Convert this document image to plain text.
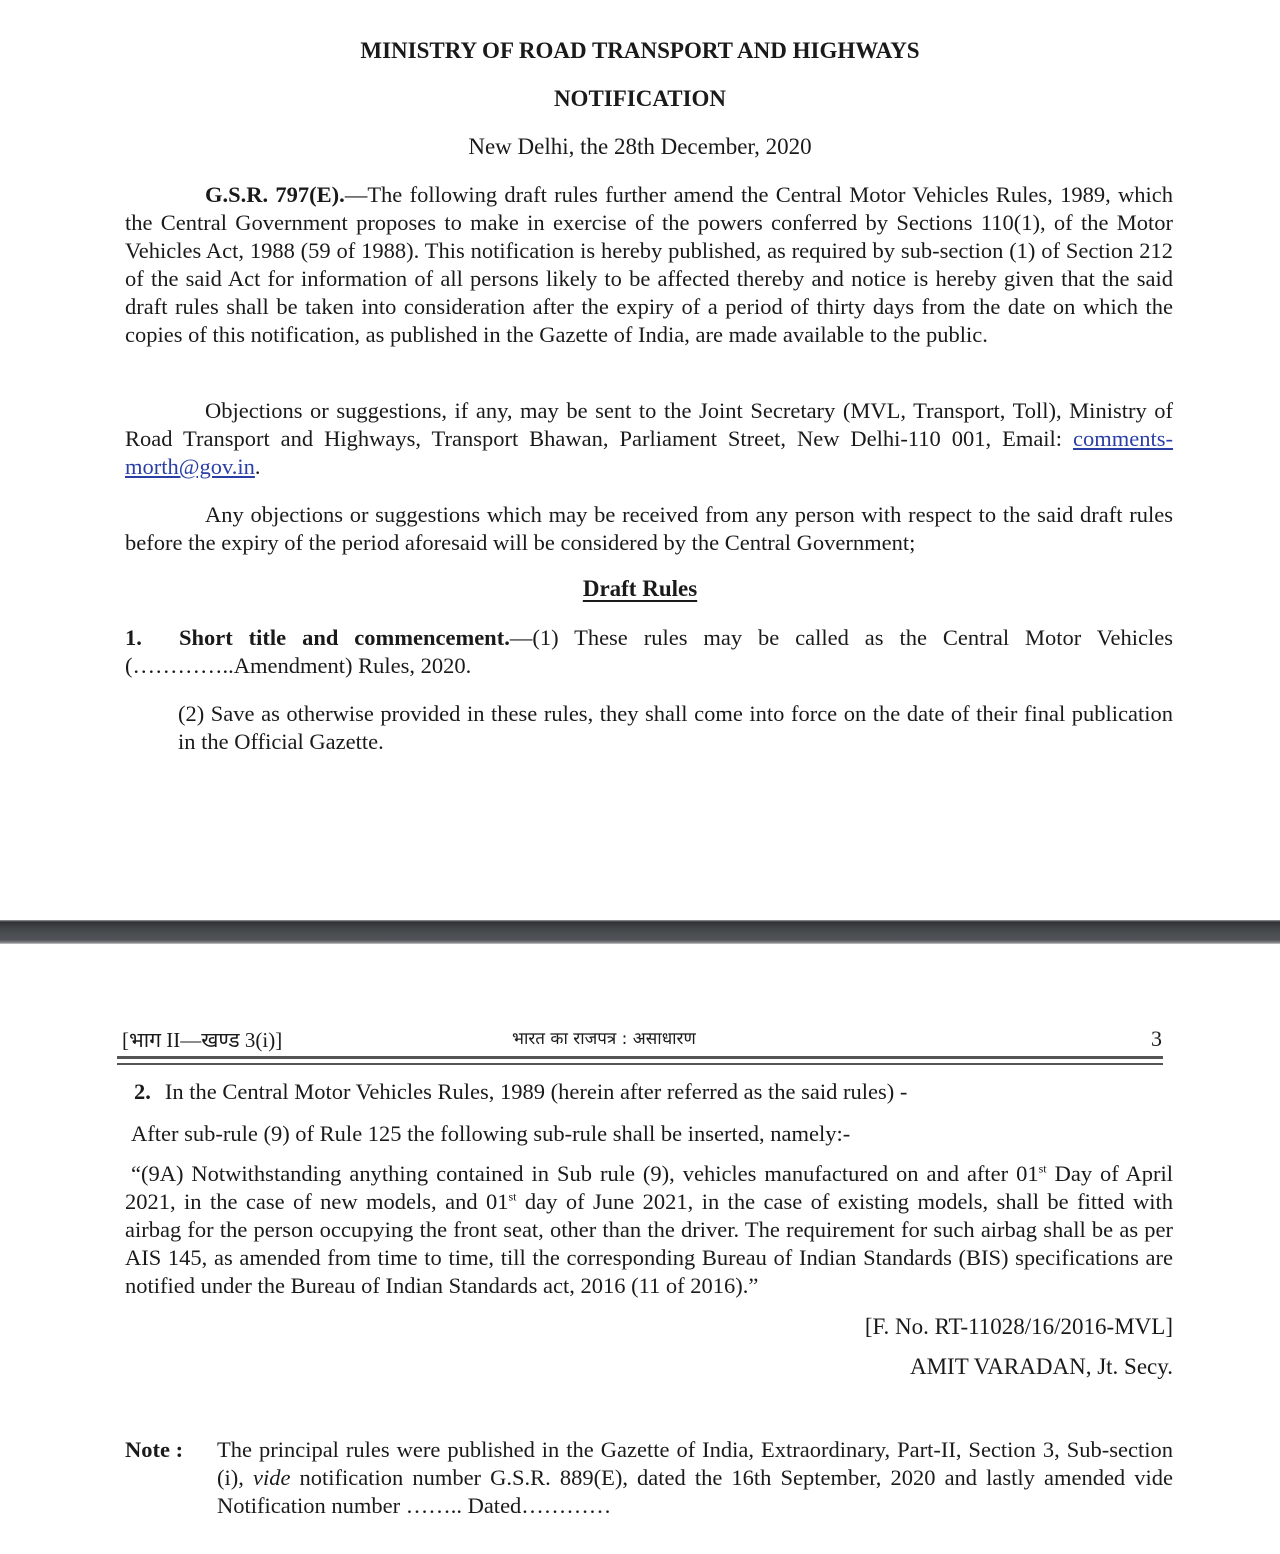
MINISTRY OF ROAD TRANSPORT AND HIGHWAYS
NOTIFICATION
New Delhi, the 28th December, 2020
G.S.R. 797(E).—The following draft rules further amend the Central Motor Vehicles Rules, 1989, which the Central Government proposes to make in exercise of the powers conferred by Sections 110(1), of the Motor Vehicles Act, 1988 (59 of 1988). This notification is hereby published, as required by sub-section (1) of Section 212 of the said Act for information of all persons likely to be affected thereby and notice is hereby given that the said draft rules shall be taken into consideration after the expiry of a period of thirty days from the date on which the copies of this notification, as published in the Gazette of India, are made available to the public.
Objections or suggestions, if any, may be sent to the Joint Secretary (MVL, Transport, Toll), Ministry of Road Transport and Highways, Transport Bhawan, Parliament Street, New Delhi-110 001, Email: comments-morth@gov.in.
Any objections or suggestions which may be received from any person with respect to the said draft rules before the expiry of the period aforesaid will be considered by the Central Government;
Draft Rules
1. Short title and commencement.—(1) These rules may be called as the Central Motor Vehicles (…………..Amendment) Rules, 2020.
(2) Save as otherwise provided in these rules, they shall come into force on the date of their final publication in the Official Gazette.
[भाग II—खण्ड 3(i)]	भारत का राजपत्र : असाधारण	3
2. In the Central Motor Vehicles Rules, 1989 (herein after referred as the said rules) -
After sub-rule (9) of Rule 125 the following sub-rule shall be inserted, namely:-
“(9A) Notwithstanding anything contained in Sub rule (9), vehicles manufactured on and after 01st Day of April 2021, in the case of new models, and 01st day of June 2021, in the case of existing models, shall be fitted with airbag for the person occupying the front seat, other than the driver. The requirement for such airbag shall be as per AIS 145, as amended from time to time, till the corresponding Bureau of Indian Standards (BIS) specifications are notified under the Bureau of Indian Standards act, 2016 (11 of 2016).”
[F. No. RT-11028/16/2016-MVL]
AMIT VARADAN, Jt. Secy.
Note : The principal rules were published in the Gazette of India, Extraordinary, Part-II, Section 3, Sub-section (i), vide notification number G.S.R. 889(E), dated the 16th September, 2020 and lastly amended vide Notification number …….. Dated…………
